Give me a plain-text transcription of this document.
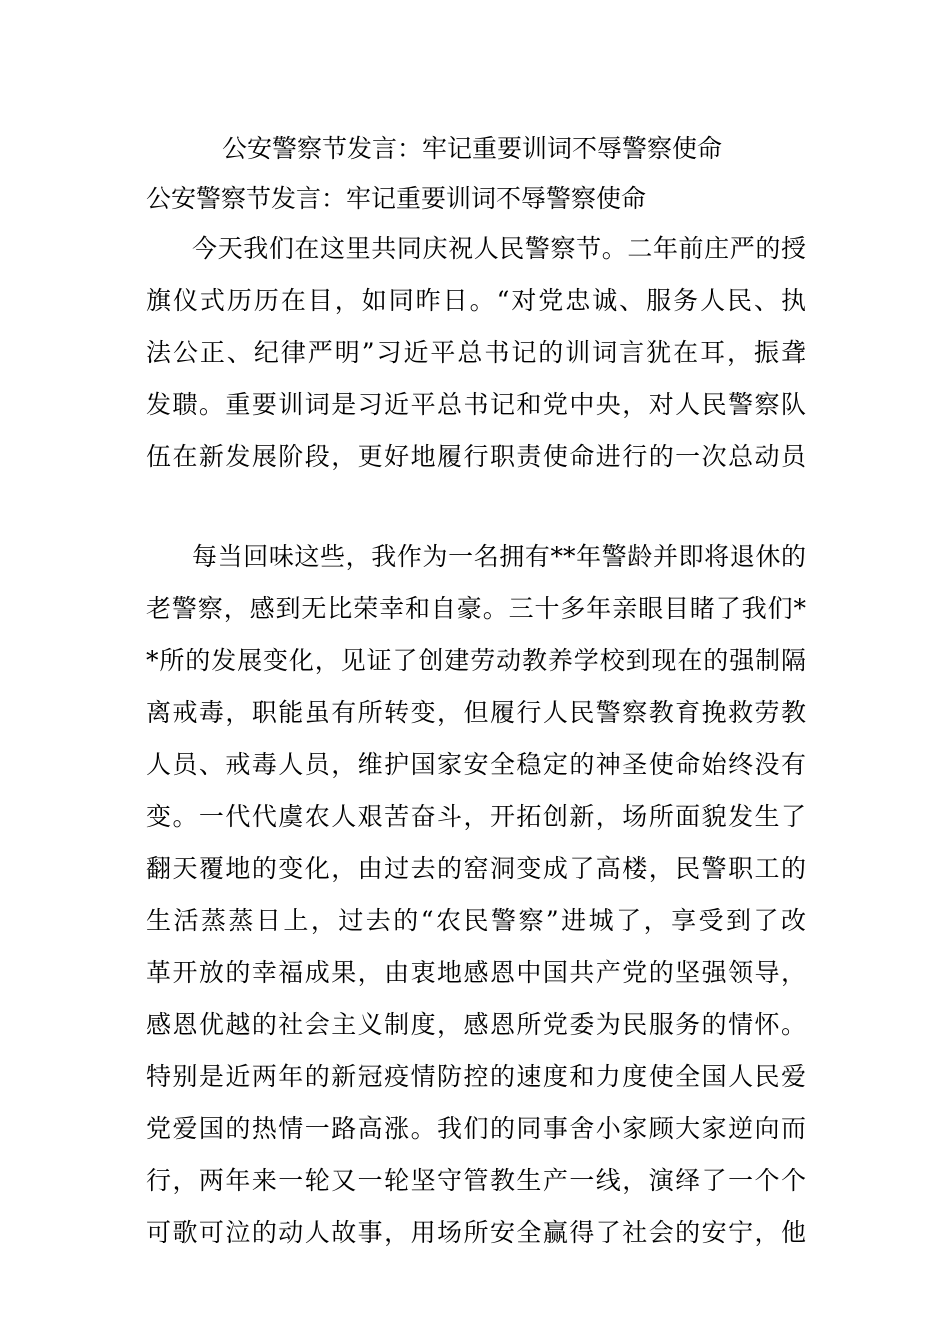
公安警察节发言：牢记重要训词不辱警察使命
公安警察节发言：牢记重要训词不辱警察使命
今天我们在这里共同庆祝人民警察节。二年前庄严的授
旗仪式历历在目，如同昨日。“对党忠诚、服务人民、执
法公正、纪律严明”习近平总书记的训词言犹在耳，振聋
发聩。重要训词是习近平总书记和党中央，对人民警察队
伍在新发展阶段，更好地履行职责使命进行的一次总动员
每当回味这些，我作为一名拥有**年警龄并即将退休的
老警察，感到无比荣幸和自豪。三十多年亲眼目睹了我们*
*所的发展变化，见证了创建劳动教养学校到现在的强制隔
离戒毒，职能虽有所转变，但履行人民警察教育挽救劳教
人员、戒毒人员，维护国家安全稳定的神圣使命始终没有
变。一代代虞农人艰苦奋斗，开拓创新，场所面貌发生了
翻天覆地的变化，由过去的窑洞变成了高楼，民警职工的
生活蒸蒸日上，过去的“农民警察”进城了，享受到了改
革开放的幸福成果，由衷地感恩中国共产党的坚强领导，
感恩优越的社会主义制度，感恩所党委为民服务的情怀。
特别是近两年的新冠疫情防控的速度和力度使全国人民爱
党爱国的热情一路高涨。我们的同事舍小家顾大家逆向而
行，两年来一轮又一轮坚守管教生产一线，演绎了一个个
可歌可泣的动人故事，用场所安全赢得了社会的安宁，他
